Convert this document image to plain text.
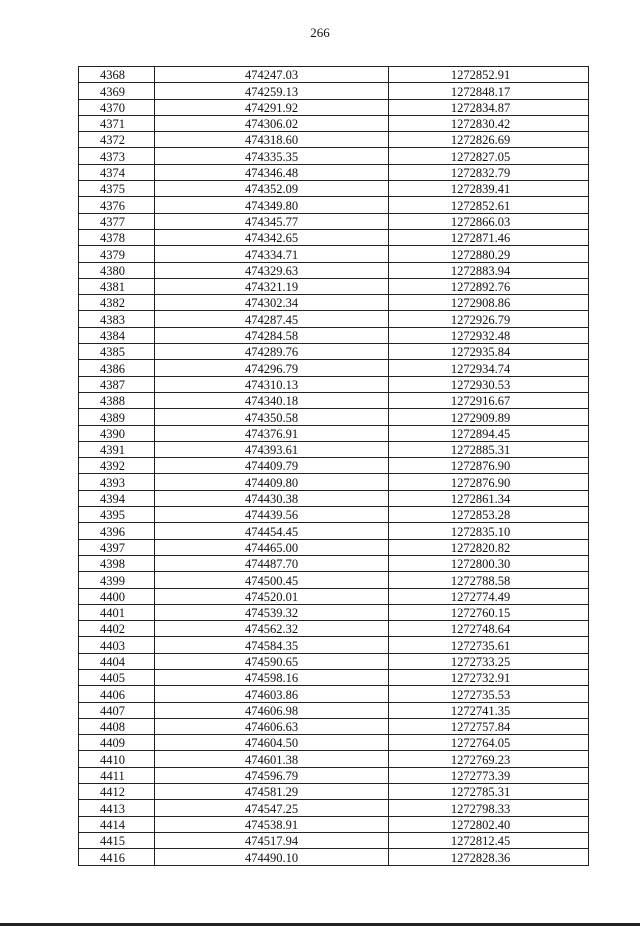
266
4368	474247.03	1272852.91
4369	474259.13	1272848.17
4370	474291.92	1272834.87
4371	474306.02	1272830.42
4372	474318.60	1272826.69
4373	474335.35	1272827.05
4374	474346.48	1272832.79
4375	474352.09	1272839.41
4376	474349.80	1272852.61
4377	474345.77	1272866.03
4378	474342.65	1272871.46
4379	474334.71	1272880.29
4380	474329.63	1272883.94
4381	474321.19	1272892.76
4382	474302.34	1272908.86
4383	474287.45	1272926.79
4384	474284.58	1272932.48
4385	474289.76	1272935.84
4386	474296.79	1272934.74
4387	474310.13	1272930.53
4388	474340.18	1272916.67
4389	474350.58	1272909.89
4390	474376.91	1272894.45
4391	474393.61	1272885.31
4392	474409.79	1272876.90
4393	474409.80	1272876.90
4394	474430.38	1272861.34
4395	474439.56	1272853.28
4396	474454.45	1272835.10
4397	474465.00	1272820.82
4398	474487.70	1272800.30
4399	474500.45	1272788.58
4400	474520.01	1272774.49
4401	474539.32	1272760.15
4402	474562.32	1272748.64
4403	474584.35	1272735.61
4404	474590.65	1272733.25
4405	474598.16	1272732.91
4406	474603.86	1272735.53
4407	474606.98	1272741.35
4408	474606.63	1272757.84
4409	474604.50	1272764.05
4410	474601.38	1272769.23
4411	474596.79	1272773.39
4412	474581.29	1272785.31
4413	474547.25	1272798.33
4414	474538.91	1272802.40
4415	474517.94	1272812.45
4416	474490.10	1272828.36
